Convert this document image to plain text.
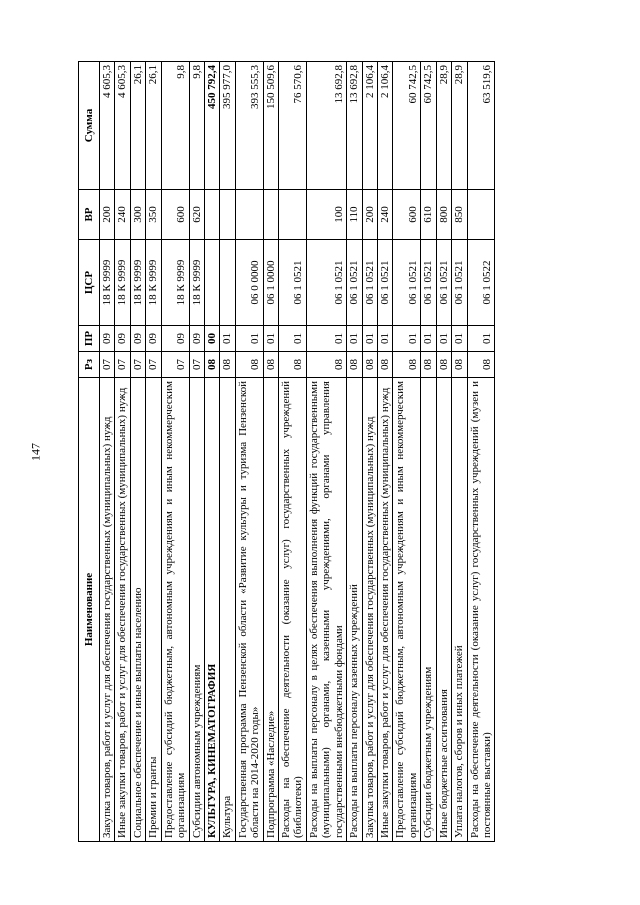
147
Наименование	Рз	ПР	ЦСР	ВР	Сумма
Закупка товаров, работ и услуг для обеспечения государственных (муниципальных) нужд	07	09	18 К 9999	200	4 605,3
Иные закупки товаров, работ и услуг для обеспечения государственных (муниципальных) нужд	07	09	18 К 9999	240	4 605,3
Социальное обеспечение и иные выплаты населению	07	09	18 К 9999	300	26,1
Премии и гранты	07	09	18 К 9999	350	26,1
Предоставление субсидий бюджетным, автономным учреждениям и иным некоммерческим организациям	07	09	18 К 9999	600	9,8
Субсидии автономным учреждениям	07	09	18 К 9999	620	9,8
КУЛЬТУРА, КИНЕМАТОГРАФИЯ	08	00			450 792,4
Культура	08	01			395 977,0
Государственная программа Пензенской области «Развитие культуры и туризма Пензенской области на 2014-2020 годы»	08	01	06 0 0000		393 555,3
Подпрограмма «Наследие»	08	01	06 1 0000		150 509,6
Расходы на обеспечение деятельности (оказание услуг) государственных учреждений (библиотеки)	08	01	06 1 0521		76 570,6
Расходы на выплаты персоналу в целях обеспечения выполнения функций государственными (муниципальными) органами, казенными учреждениями, органами управления государственными внебюджетными фондами	08	01	06 1 0521	100	13 692,8
Расходы на выплаты персоналу казенных учреждений	08	01	06 1 0521	110	13 692,8
Закупка товаров, работ и услуг для обеспечения государственных (муниципальных) нужд	08	01	06 1 0521	200	2 106,4
Иные закупки товаров, работ и услуг для обеспечения государственных (муниципальных) нужд	08	01	06 1 0521	240	2 106,4
Предоставление субсидий бюджетным, автономным учреждениям и иным некоммерческим организациям	08	01	06 1 0521	600	60 742,5
Субсидии бюджетным учреждениям	08	01	06 1 0521	610	60 742,5
Иные бюджетные ассигнования	08	01	06 1 0521	800	28,9
Уплата налогов, сборов и иных платежей	08	01	06 1 0521	850	28,9
Расходы на обеспечение деятельности (оказание услуг) государственных учреждений (музеи и постоянные выставки)	08	01	06 1 0522		63 519,6
